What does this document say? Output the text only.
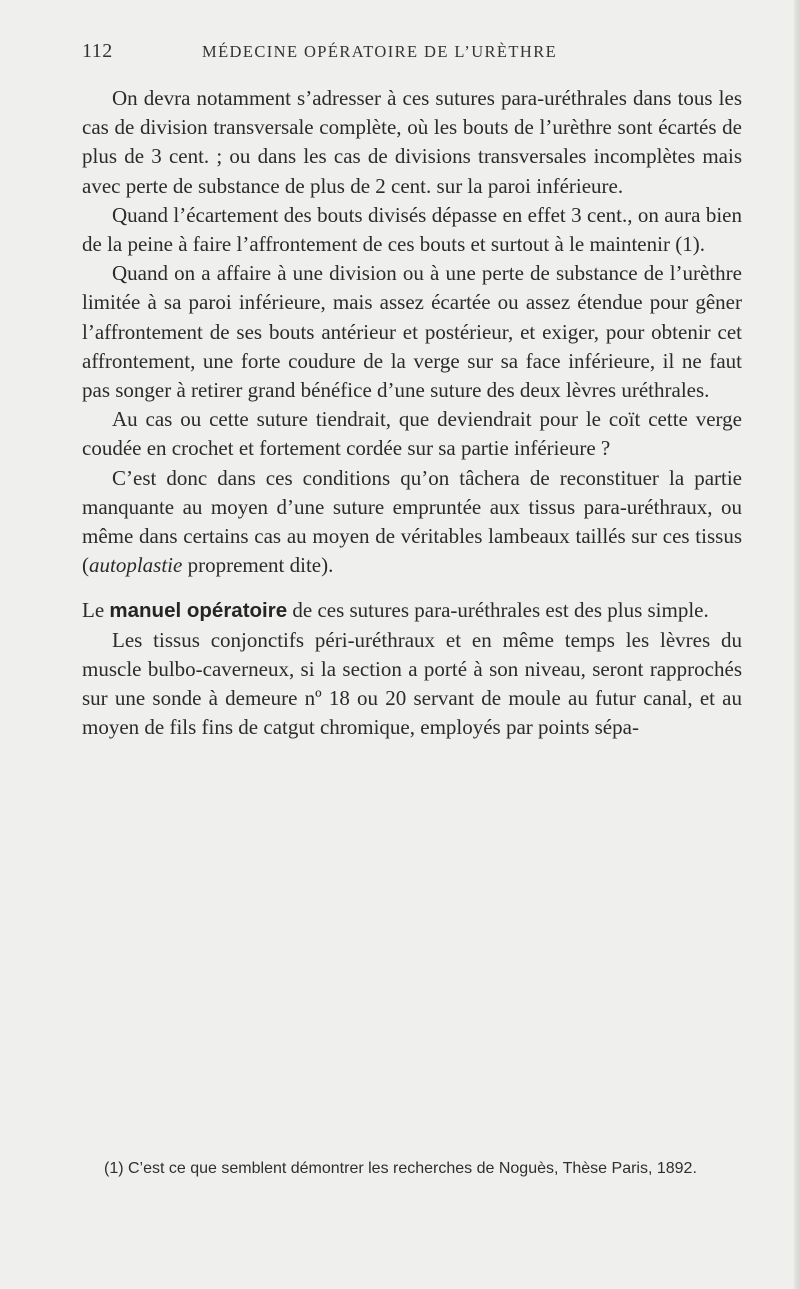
112	MÉDECINE OPÉRATOIRE DE L’URÈTHRE

On devra notamment s’adresser à ces sutures para-uréthrales dans tous les cas de division transversale complète, où les bouts de l’urèthre sont écartés de plus de 3 cent. ; ou dans les cas de divisions transversales incomplètes mais avec perte de substance de plus de 2 cent. sur la paroi inférieure.

Quand l’écartement des bouts divisés dépasse en effet 3 cent., on aura bien de la peine à faire l’affrontement de ces bouts et surtout à le maintenir (1).

Quand on a affaire à une division ou à une perte de substance de l’urèthre limitée à sa paroi inférieure, mais assez écartée ou assez étendue pour gêner l’affrontement de ses bouts antérieur et postérieur, et exiger, pour obtenir cet affrontement, une forte coudure de la verge sur sa face inférieure, il ne faut pas songer à retirer grand bénéfice d’une suture des deux lèvres uréthrales.

Au cas ou cette suture tiendrait, que deviendrait pour le coït cette verge coudée en crochet et fortement cordée sur sa partie inférieure ?

C’est donc dans ces conditions qu’on tâchera de reconstituer la partie manquante au moyen d’une suture empruntée aux tissus para-uréthraux, ou même dans certains cas au moyen de véritables lambeaux taillés sur ces tissus (autoplastie proprement dite).

Le manuel opératoire de ces sutures para-uréthrales est des plus simple.

Les tissus conjonctifs péri-uréthraux et en même temps les lèvres du muscle bulbo-caverneux, si la section a porté à son niveau, seront rapprochés sur une sonde à demeure nº 18 ou 20 servant de moule au futur canal, et au moyen de fils fins de catgut chromique, employés par points sépa-

(1) C’est ce que semblent démontrer les recherches de Noguès, Thèse Paris, 1892.
